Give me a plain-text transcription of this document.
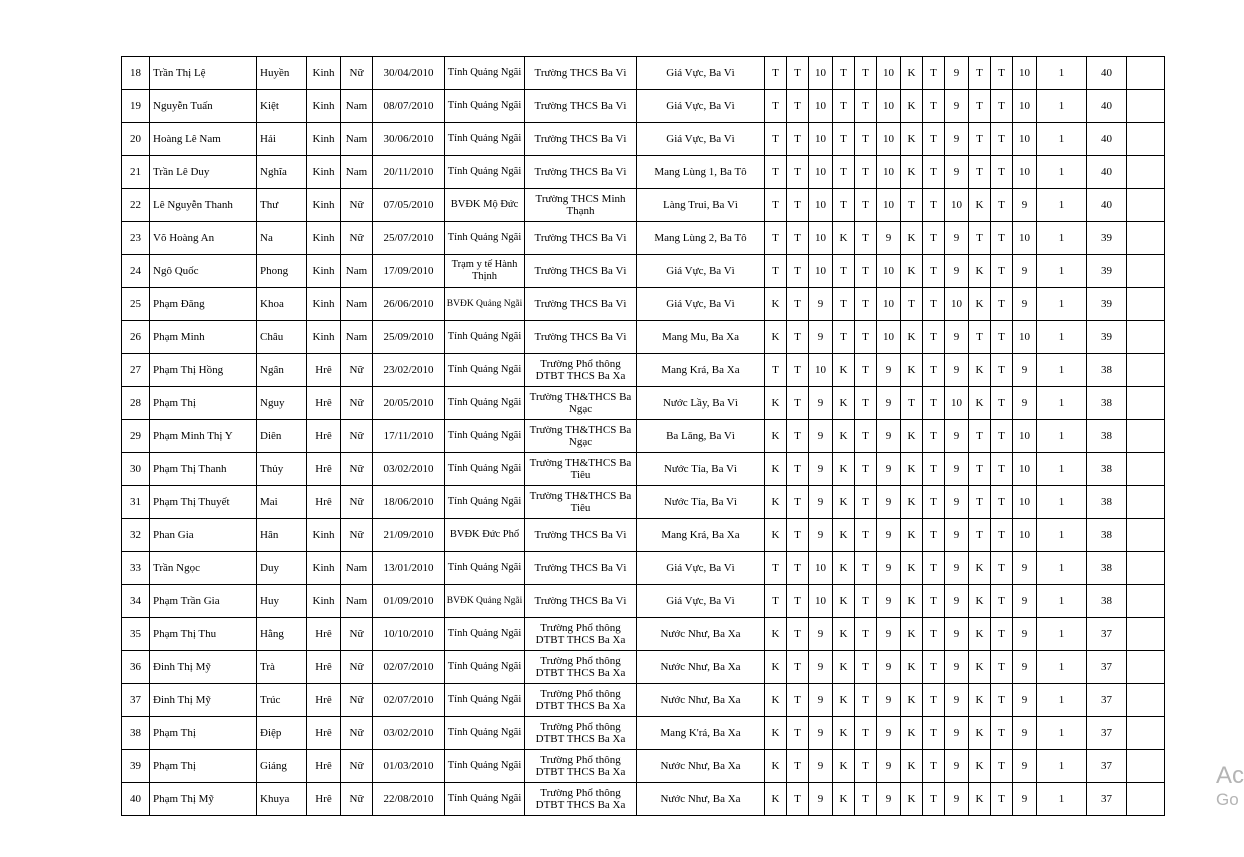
18	Trần Thị Lệ	Huyền	Kinh	Nữ	30/04/2010	Tỉnh Quảng Ngãi	Trường THCS Ba Vì	Giá Vực, Ba Vì	T	T	10	T	T	10	K	T	9	T	T	10	1	40	
19	Nguyễn Tuấn	Kiệt	Kinh	Nam	08/07/2010	Tỉnh Quảng Ngãi	Trường THCS Ba Vì	Giá Vực, Ba Vì	T	T	10	T	T	10	K	T	9	T	T	10	1	40	
20	Hoàng Lê Nam	Hải	Kinh	Nam	30/06/2010	Tỉnh Quảng Ngãi	Trường THCS Ba Vì	Giá Vực, Ba Vì	T	T	10	T	T	10	K	T	9	T	T	10	1	40	
21	Trần Lê Duy	Nghĩa	Kinh	Nam	20/11/2010	Tỉnh Quảng Ngãi	Trường THCS Ba Vì	Mang Lùng 1, Ba Tô	T	T	10	T	T	10	K	T	9	T	T	10	1	40	
22	Lê Nguyễn Thanh	Thư	Kinh	Nữ	07/05/2010	BVĐK Mộ Đức	Trường THCS Minh Thạnh	Làng Trui, Ba Vì	T	T	10	T	T	10	T	T	10	K	T	9	1	40	
23	Võ Hoàng An	Na	Kinh	Nữ	25/07/2010	Tỉnh Quảng Ngãi	Trường THCS Ba Vì	Mang Lùng 2, Ba Tô	T	T	10	K	T	9	K	T	9	T	T	10	1	39	
24	Ngô Quốc	Phong	Kinh	Nam	17/09/2010	Trạm y tế Hành Thịnh	Trường THCS Ba Vì	Giá Vực, Ba Vì	T	T	10	T	T	10	K	T	9	K	T	9	1	39	
25	Phạm Đăng	Khoa	Kinh	Nam	26/06/2010	BVĐK Quảng Ngãi	Trường THCS Ba Vì	Giá Vực, Ba Vì	K	T	9	T	T	10	T	T	10	K	T	9	1	39	
26	Phạm Minh	Châu	Kinh	Nam	25/09/2010	Tỉnh Quảng Ngãi	Trường THCS Ba Vì	Mang Mu, Ba Xa	K	T	9	T	T	10	K	T	9	T	T	10	1	39	
27	Phạm Thị Hồng	Ngân	Hrê	Nữ	23/02/2010	Tỉnh Quảng Ngãi	Trường Phổ thông DTBT THCS Ba Xa	Mang Krá, Ba Xa	T	T	10	K	T	9	K	T	9	K	T	9	1	38	
28	Phạm Thị	Nguy	Hrê	Nữ	20/05/2010	Tỉnh Quảng Ngãi	Trường TH&THCS Ba Ngạc	Nước Lầy, Ba Vì	K	T	9	K	T	9	T	T	10	K	T	9	1	38	
29	Phạm Minh Thị Y	Diên	Hrê	Nữ	17/11/2010	Tỉnh Quảng Ngãi	Trường TH&THCS Ba Ngạc	Ba Lăng, Ba Vì	K	T	9	K	T	9	K	T	9	T	T	10	1	38	
30	Phạm Thị Thanh	Thủy	Hrê	Nữ	03/02/2010	Tỉnh Quảng Ngãi	Trường TH&THCS Ba Tiêu	Nước Tỉa, Ba Vì	K	T	9	K	T	9	K	T	9	T	T	10	1	38	
31	Phạm Thị Thuyết	Mai	Hrê	Nữ	18/06/2010	Tỉnh Quảng Ngãi	Trường TH&THCS Ba Tiêu	Nước Tỉa, Ba Vì	K	T	9	K	T	9	K	T	9	T	T	10	1	38	
32	Phan Gia	Hân	Kinh	Nữ	21/09/2010	BVĐK Đức Phổ	Trường THCS Ba Vì	Mang Krá, Ba Xa	K	T	9	K	T	9	K	T	9	T	T	10	1	38	
33	Trần Ngọc	Duy	Kinh	Nam	13/01/2010	Tỉnh Quảng Ngãi	Trường THCS Ba Vì	Giá Vực, Ba Vì	T	T	10	K	T	9	K	T	9	K	T	9	1	38	
34	Phạm Trần Gia	Huy	Kinh	Nam	01/09/2010	BVĐK Quảng Ngãi	Trường THCS Ba Vì	Giá Vực, Ba Vì	T	T	10	K	T	9	K	T	9	K	T	9	1	38	
35	Phạm Thị Thu	Hằng	Hrê	Nữ	10/10/2010	Tỉnh Quảng Ngãi	Trường Phổ thông DTBT THCS Ba Xa	Nước Như, Ba Xa	K	T	9	K	T	9	K	T	9	K	T	9	1	37	
36	Đinh Thị Mỹ	Trà	Hrê	Nữ	02/07/2010	Tỉnh Quảng Ngãi	Trường Phổ thông DTBT THCS Ba Xa	Nước Như, Ba Xa	K	T	9	K	T	9	K	T	9	K	T	9	1	37	
37	Đinh Thị Mỹ	Trúc	Hrê	Nữ	02/07/2010	Tỉnh Quảng Ngãi	Trường Phổ thông DTBT THCS Ba Xa	Nước Như, Ba Xa	K	T	9	K	T	9	K	T	9	K	T	9	1	37	
38	Phạm Thị	Điệp	Hrê	Nữ	03/02/2010	Tỉnh Quảng Ngãi	Trường Phổ thông DTBT THCS Ba Xa	Mang K'rá, Ba Xa	K	T	9	K	T	9	K	T	9	K	T	9	1	37	
39	Phạm Thị	Giáng	Hrê	Nữ	01/03/2010	Tỉnh Quảng Ngãi	Trường Phổ thông DTBT THCS Ba Xa	Nước Như, Ba Xa	K	T	9	K	T	9	K	T	9	K	T	9	1	37	
40	Phạm Thị Mỹ	Khuya	Hrê	Nữ	22/08/2010	Tỉnh Quảng Ngãi	Trường Phổ thông DTBT THCS Ba Xa	Nước Như, Ba Xa	K	T	9	K	T	9	K	T	9	K	T	9	1	37	
Ac
Go
